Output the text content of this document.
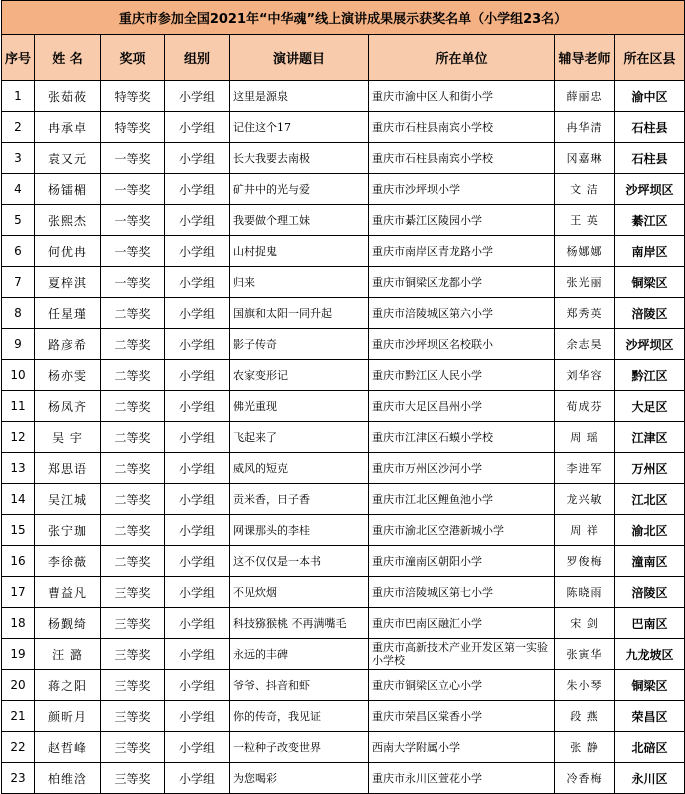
重庆市参加全国2021年“中华魂”线上演讲成果展示获奖名单（小学组23名）							
序号	姓 名	奖项	组别	演讲题目	所在单位	辅导老师	所在区县
1	张茹莜	特等奖	小学组	这里是源泉	重庆市渝中区人和街小学	薛丽忠	渝中区
2	冉承卓	特等奖	小学组	记住这个17	重庆市石柱县南宾小学校	冉华清	石柱县
3	袁又元	一等奖	小学组	长大我要去南极	重庆市石柱县南宾小学校	冈嘉琳	石柱县
4	杨镭楣	一等奖	小学组	矿井中的光与爱	重庆市沙坪坝小学	文 洁	沙坪坝区
5	张熙杰	一等奖	小学组	我要做个理工妹	重庆市綦江区陵园小学	王 英	綦江区
6	何优冉	一等奖	小学组	山村捉鬼	重庆市南岸区青龙路小学	杨娜娜	南岸区
7	夏梓淇	一等奖	小学组	归来	重庆市铜梁区龙都小学	张光丽	铜梁区
8	任星瑾	二等奖	小学组	国旗和太阳一同升起	重庆市涪陵城区第六小学	郑秀英	涪陵区
9	路彦希	二等奖	小学组	影子传奇	重庆市沙坪坝区名校联小	余志昊	沙坪坝区
10	杨亦雯	二等奖	小学组	农家变形记	重庆市黔江区人民小学	刘华容	黔江区
11	杨凤齐	二等奖	小学组	佛光重现	重庆市大足区昌州小学	荀成芬	大足区
12	吴 宇	二等奖	小学组	飞起来了	重庆市江津区石蟆小学校	周 瑶	江津区
13	郑思语	二等奖	小学组	威风的短克	重庆市万州区沙河小学	李进军	万州区
14	吴江城	二等奖	小学组	贡米香，日子香	重庆市江北区鲤鱼池小学	龙兴敏	江北区
15	张宁珈	二等奖	小学组	网课那头的李桂	重庆市渝北区空港新城小学	周 祥	渝北区
16	李徐薇	二等奖	小学组	这不仅仅是一本书	重庆市潼南区朝阳小学	罗俊梅	潼南区
17	曹益凡	三等奖	小学组	不见炊烟	重庆市涪陵城区第七小学	陈晓雨	涪陵区
18	杨觐绮	三等奖	小学组	科技猕猴桃 不再满嘴毛	重庆市巴南区融汇小学	宋 剑	巴南区
19	汪 潞	三等奖	小学组	永远的丰碑	重庆市高新技术产业开发区第一实验小学校	张寅华	九龙坡区
20	蒋之阳	三等奖	小学组	爷爷、抖音和虾	重庆市铜梁区立心小学	朱小琴	铜梁区
21	颜昕月	三等奖	小学组	你的传奇，我见证	重庆市荣昌区棠香小学	段 燕	荣昌区
22	赵哲峰	三等奖	小学组	一粒种子改变世界	西南大学附属小学	张 静	北碚区
23	柏维浛	三等奖	小学组	为您喝彩	重庆市永川区萱花小学	冷香梅	永川区
